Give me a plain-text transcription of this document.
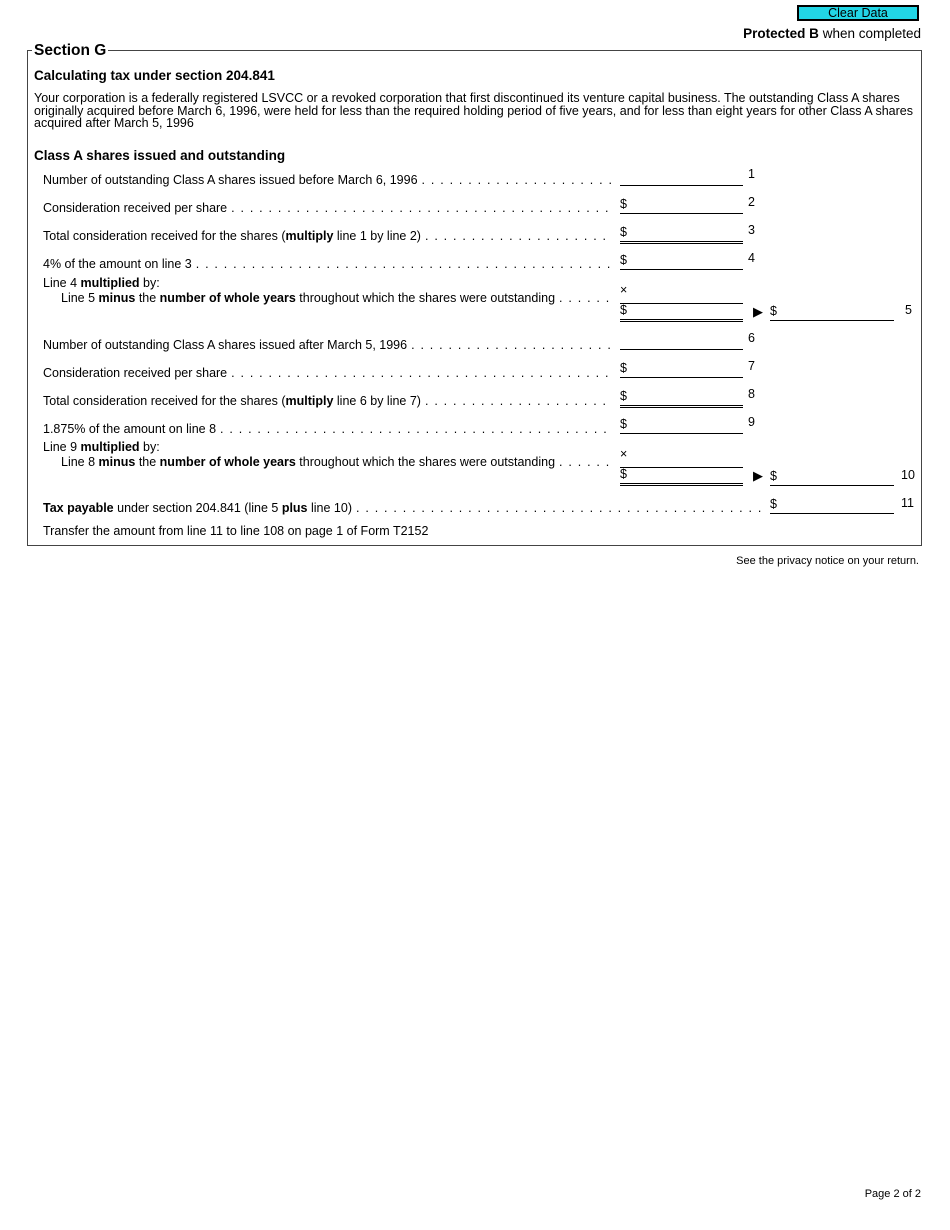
Clear Data
Protected B when completed
Section G
Calculating tax under section 204.841
Your corporation is a federally registered LSVCC or a revoked corporation that first discontinued its venture capital business. The outstanding Class A shares originally acquired before March 6, 1996, were held for less than the required holding period of five years, and for less than eight years for other Class A shares acquired after March 5, 1996
Class A shares issued and outstanding
Number of outstanding Class A shares issued before March 6, 1996 . . .	1
Consideration received per share . . .	$	2
Total consideration received for the shares (multiply line 1 by line 2) . . .	$	3
4% of the amount on line 3 . . .	$	4
Line 4 multiplied by:
Line 5 minus the number of whole years throughout which the shares were outstanding
. . .
×
$	▶ $	5
Number of outstanding Class A shares issued after March 5, 1996 . . .	6
Consideration received per share . . .	$	7
Total consideration received for the shares (multiply line 6 by line 7) . . .	$	8
1.875% of the amount on line 8 . . .	$	9
Line 9 multiplied by:
Line 8 minus the number of whole years throughout which the shares were outstanding
. . .
×
$	▶ $	10
Tax payable under section 204.841 (line 5 plus line 10) . . .	$	11
Transfer the amount from line 11 to line 108 on page 1 of Form T2152
See the privacy notice on your return.
Page 2 of 2
